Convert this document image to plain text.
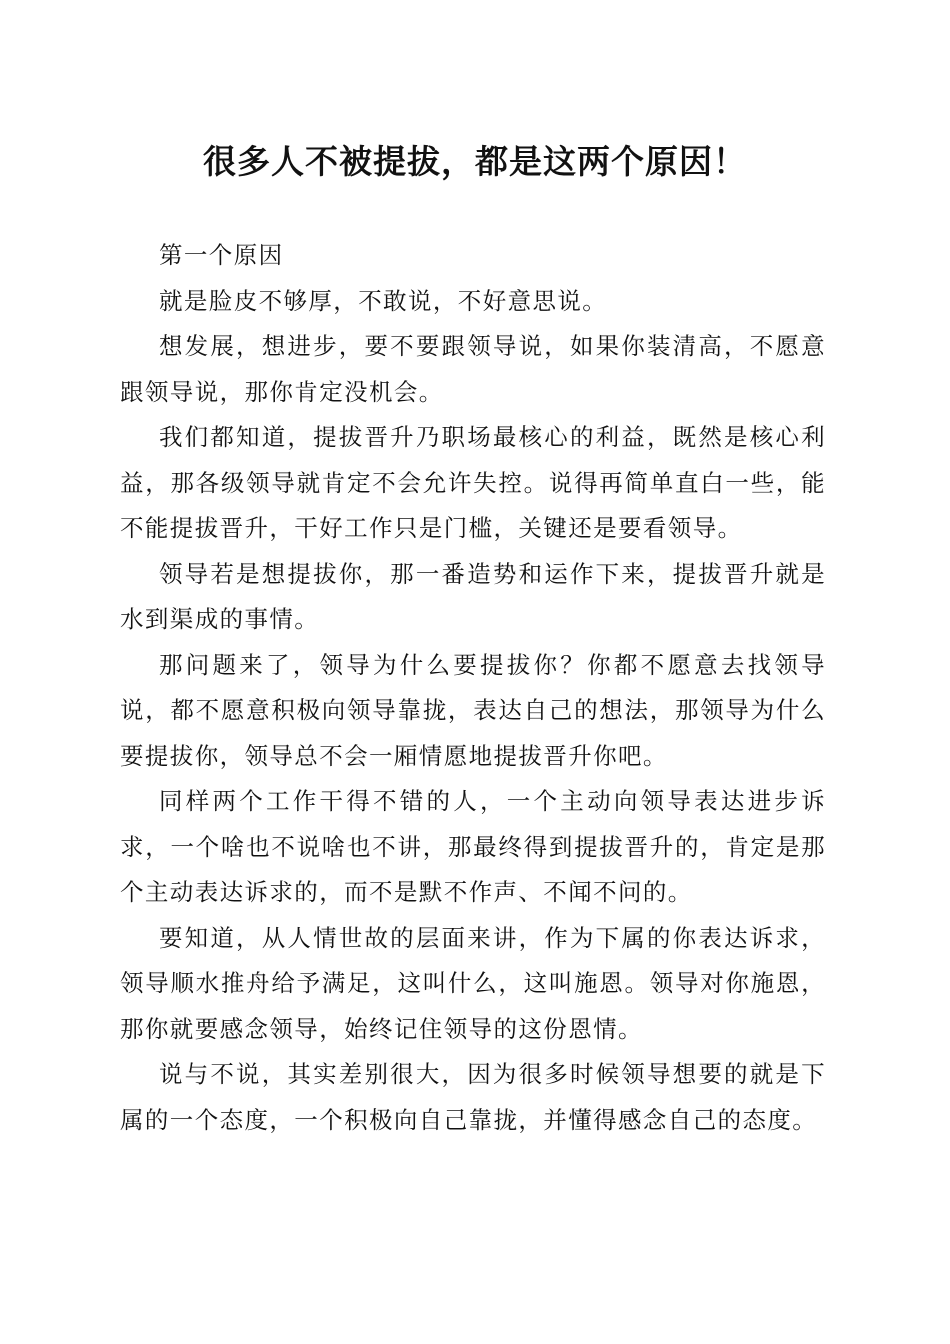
很多人不被提拔，都是这两个原因！

第一个原因

就是脸皮不够厚，不敢说，不好意思说。

想发展，想进步，要不要跟领导说，如果你装清高，不愿意跟领导说，那你肯定没机会。

我们都知道，提拔晋升乃职场最核心的利益，既然是核心利益，那各级领导就肯定不会允许失控。说得再简单直白一些，能不能提拔晋升，干好工作只是门槛，关键还是要看领导。

领导若是想提拔你，那一番造势和运作下来，提拔晋升就是水到渠成的事情。

那问题来了，领导为什么要提拔你？你都不愿意去找领导说，都不愿意积极向领导靠拢，表达自己的想法，那领导为什么要提拔你，领导总不会一厢情愿地提拔晋升你吧。

同样两个工作干得不错的人，一个主动向领导表达进步诉求，一个啥也不说啥也不讲，那最终得到提拔晋升的，肯定是那个主动表达诉求的，而不是默不作声、不闻不问的。

要知道，从人情世故的层面来讲，作为下属的你表达诉求，领导顺水推舟给予满足，这叫什么，这叫施恩。领导对你施恩，那你就要感念领导，始终记住领导的这份恩情。

说与不说，其实差别很大，因为很多时候领导想要的就是下属的一个态度，一个积极向自己靠拢，并懂得感念自己的态度。
